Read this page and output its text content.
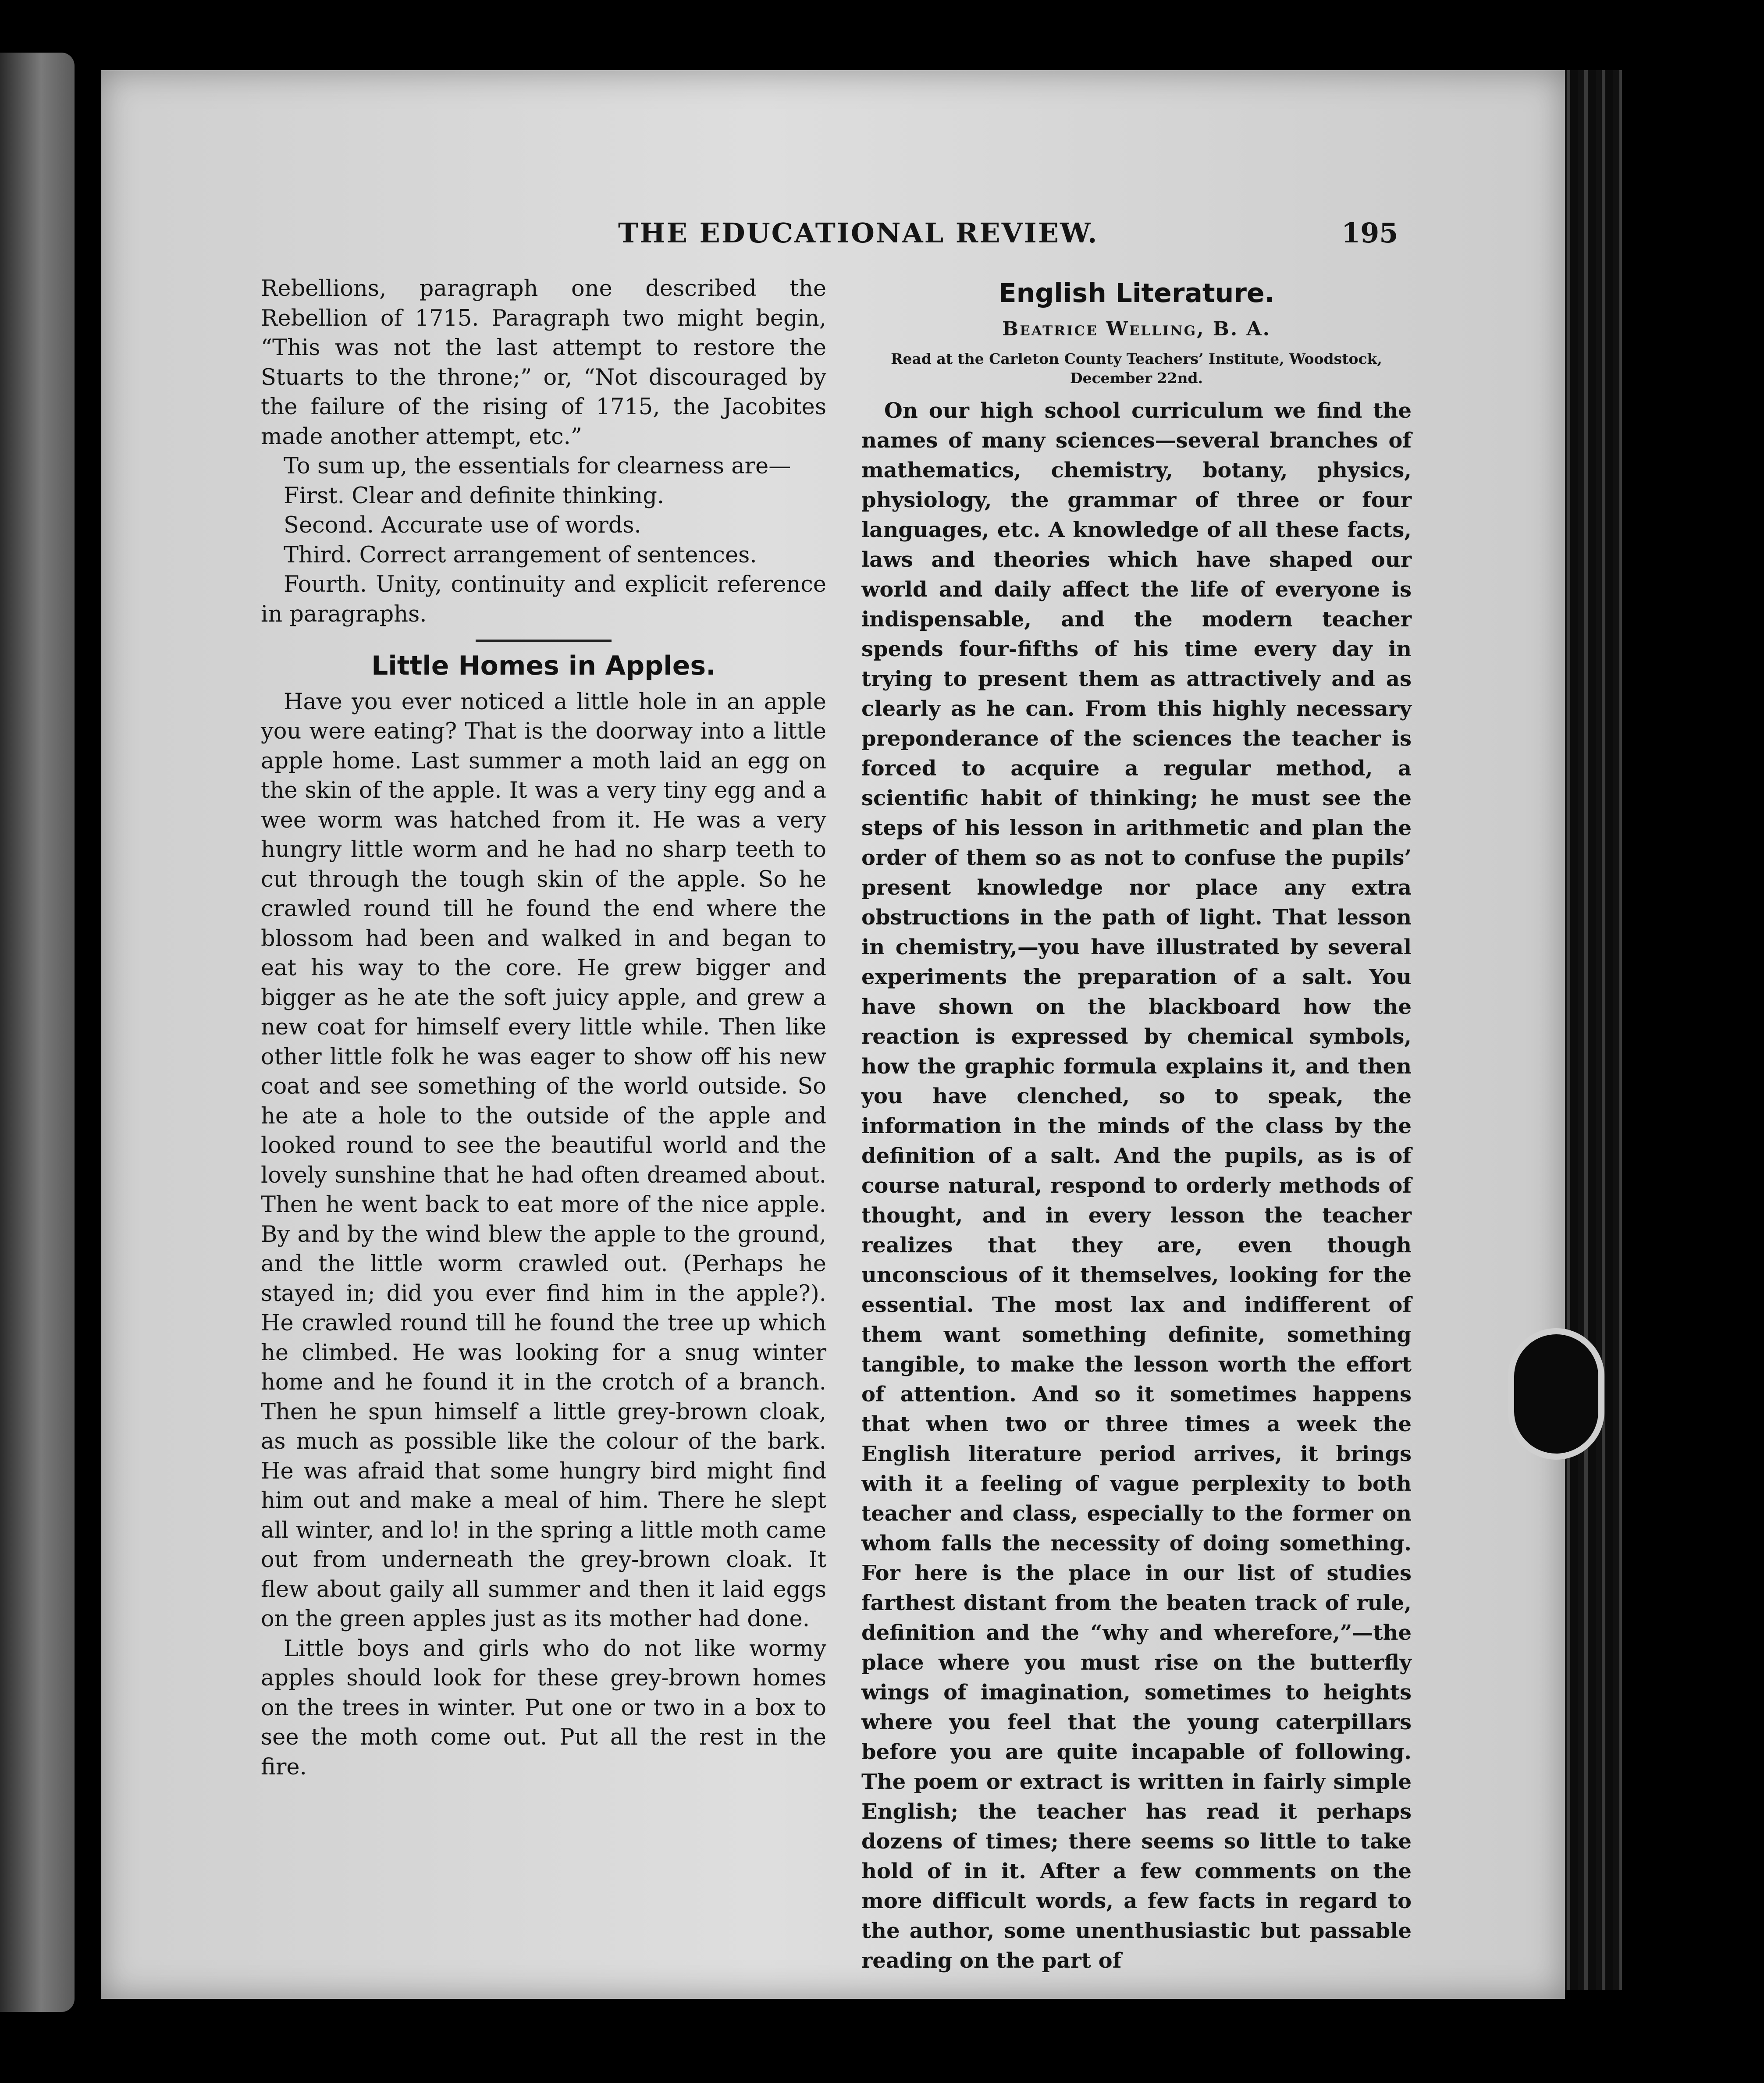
THE EDUCATIONAL REVIEW.	195

Rebellions, paragraph one described the Rebellion of 1715. Paragraph two might begin, “This was not the last attempt to restore the Stuarts to the throne;” or, “Not discouraged by the failure of the rising of 1715, the Jacobites made another attempt, etc.”

To sum up, the essentials for clearness are—

First. Clear and definite thinking.

Second. Accurate use of words.

Third. Correct arrangement of sentences.

Fourth. Unity, continuity and explicit reference in paragraphs.

Little Homes in Apples.

Have you ever noticed a little hole in an apple you were eating? That is the doorway into a little apple home. Last summer a moth laid an egg on the skin of the apple. It was a very tiny egg and a wee worm was hatched from it. He was a very hungry little worm and he had no sharp teeth to cut through the tough skin of the apple. So he crawled round till he found the end where the blossom had been and walked in and began to eat his way to the core. He grew bigger and bigger as he ate the soft juicy apple, and grew a new coat for himself every little while. Then like other little folk he was eager to show off his new coat and see something of the world outside. So he ate a hole to the outside of the apple and looked round to see the beautiful world and the lovely sunshine that he had often dreamed about. Then he went back to eat more of the nice apple. By and by the wind blew the apple to the ground, and the little worm crawled out. (Perhaps he stayed in; did you ever find him in the apple?). He crawled round till he found the tree up which he climbed. He was looking for a snug winter home and he found it in the crotch of a branch. Then he spun himself a little grey-brown cloak, as much as possible like the colour of the bark. He was afraid that some hungry bird might find him out and make a meal of him. There he slept all winter, and lo! in the spring a little moth came out from underneath the grey-brown cloak. It flew about gaily all summer and then it laid eggs on the green apples just as its mother had done.

Little boys and girls who do not like wormy apples should look for these grey-brown homes on the trees in winter. Put one or two in a box to see the moth come out. Put all the rest in the fire.

English Literature.
Beatrice Welling, B. A.
Read at the Carleton County Teachers’ Institute, Woodstock, December 22nd.

On our high school curriculum we find the names of many sciences—several branches of mathematics, chemistry, botany, physics, physiology, the grammar of three or four languages, etc. A knowledge of all these facts, laws and theories which have shaped our world and daily affect the life of everyone is indispensable, and the modern teacher spends four-fifths of his time every day in trying to present them as attractively and as clearly as he can. From this highly necessary preponderance of the sciences the teacher is forced to acquire a regular method, a scientific habit of thinking; he must see the steps of his lesson in arithmetic and plan the order of them so as not to confuse the pupils’ present knowledge nor place any extra obstructions in the path of light. That lesson in chemistry,—you have illustrated by several experiments the preparation of a salt. You have shown on the blackboard how the reaction is expressed by chemical symbols, how the graphic formula explains it, and then you have clenched, so to speak, the information in the minds of the class by the definition of a salt. And the pupils, as is of course natural, respond to orderly methods of thought, and in every lesson the teacher realizes that they are, even though unconscious of it themselves, looking for the essential. The most lax and indifferent of them want something definite, something tangible, to make the lesson worth the effort of attention. And so it sometimes happens that when two or three times a week the English literature period arrives, it brings with it a feeling of vague perplexity to both teacher and class, especially to the former on whom falls the necessity of doing something. For here is the place in our list of studies farthest distant from the beaten track of rule, definition and the “why and wherefore,”—the place where you must rise on the butterfly wings of imagination, sometimes to heights where you feel that the young caterpillars before you are quite incapable of following. The poem or extract is written in fairly simple English; the teacher has read it perhaps dozens of times; there seems so little to take hold of in it. After a few comments on the more difficult words, a few facts in regard to the author, some unenthusiastic but passable reading on the part of
